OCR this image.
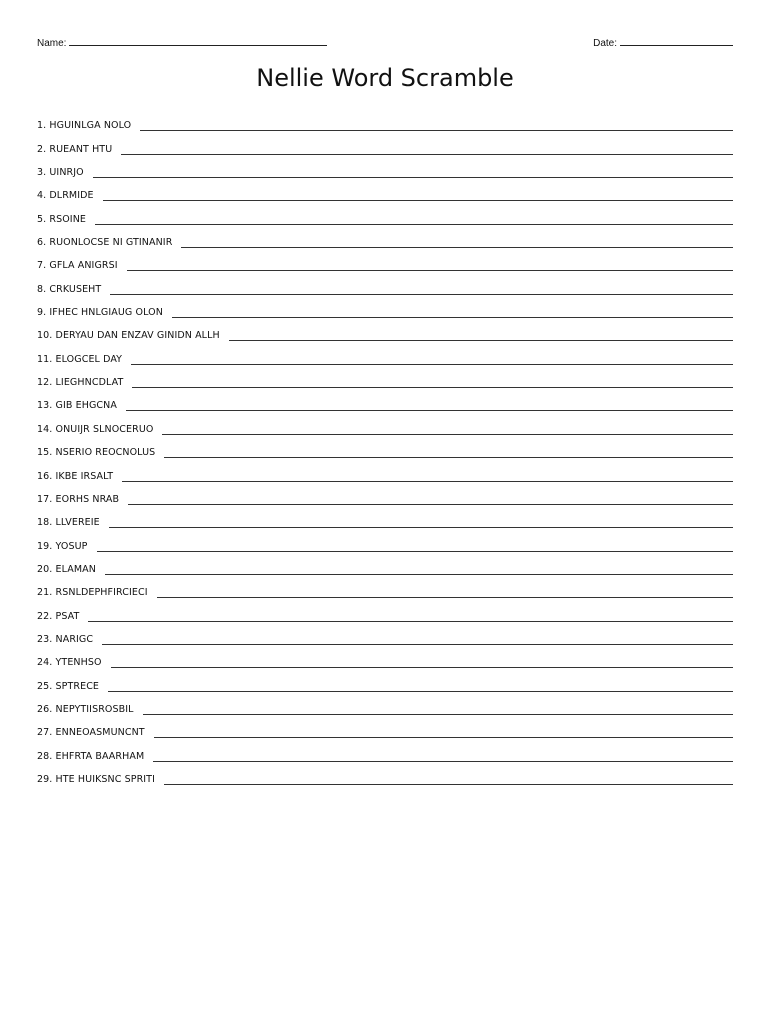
Name:	Date:
Nellie Word Scramble
1. HGUINLGA NOLO
2. RUEANT HTU
3. UINRJO
4. DLRMIDE
5. RSOINE
6. RUONLOCSE NI GTINANIR
7. GFLA ANIGRSI
8. CRKUSEHT
9. IFHEC HNLGIAUG OLON
10. DERYAU DAN ENZAV GINIDN ALLH
11. ELOGCEL DAY
12. LIEGHNCDLAT
13. GIB EHGCNA
14. ONUIJR SLNOCERUO
15. NSERIO REOCNOLUS
16. IKBE IRSALT
17. EORHS NRAB
18. LLVEREIE
19. YOSUP
20. ELAMAN
21. RSNLDEPHFIRCIECI
22. PSAT
23. NARIGC
24. YTENHSO
25. SPTRECE
26. NEPYTIISROSBIL
27. ENNEOASMUNCNT
28. EHFRTA BAARHAM
29. HTE HUIKSNC SPRITI
